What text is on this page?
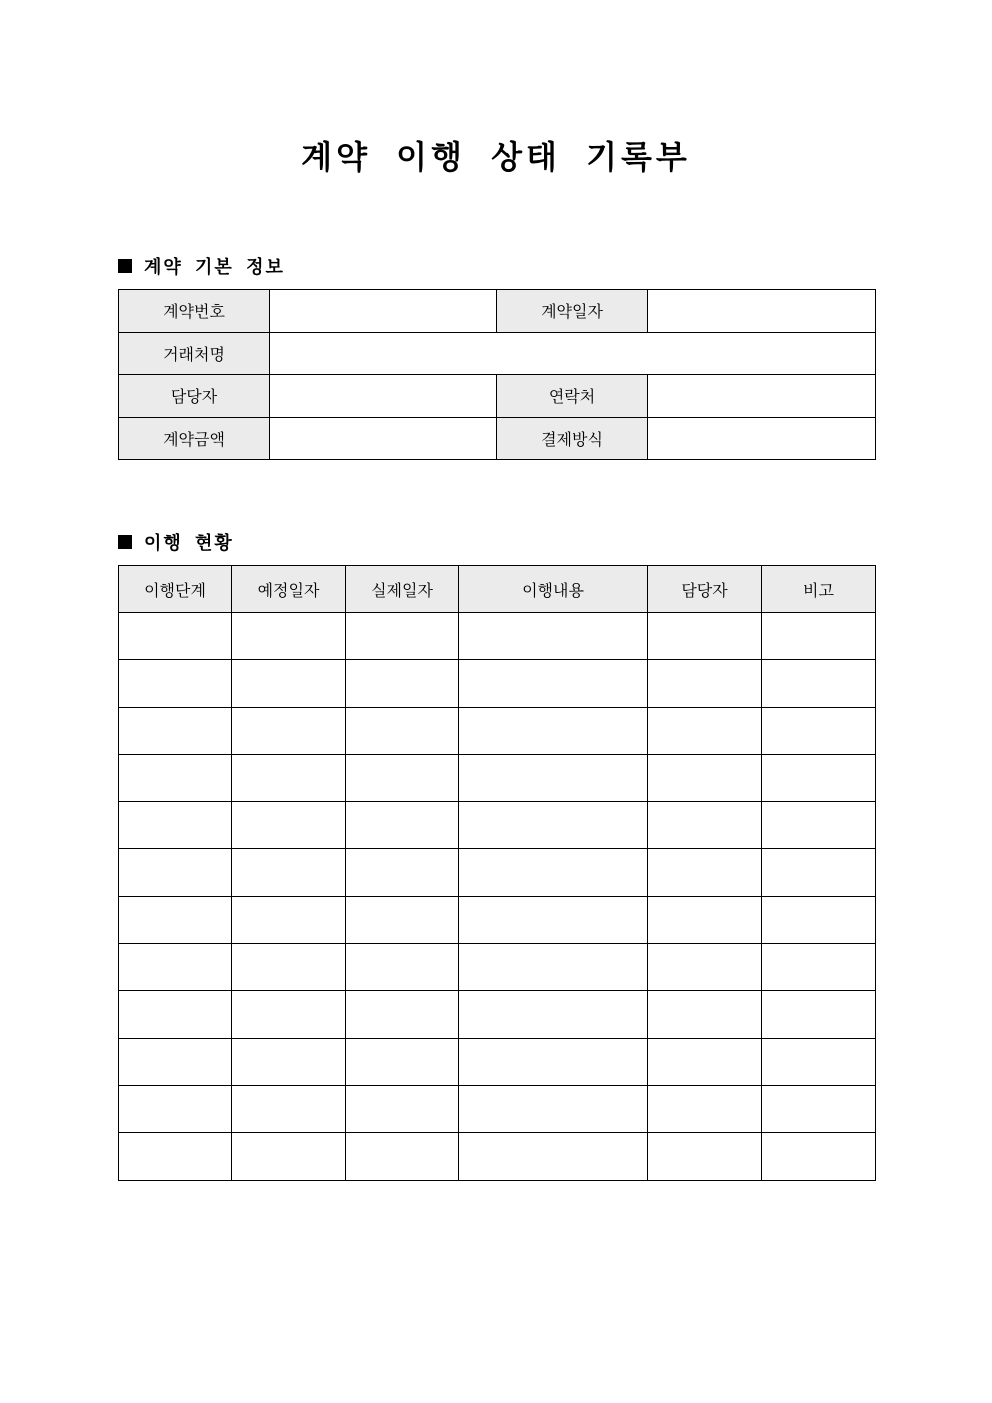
계약 이행 상태 기록부
계약 기본 정보
계약번호		계약일자	
거래처명			
담당자		연락처	
계약금액		결제방식	
이행 현황
이행단계	예정일자	실제일자	이행내용	담당자	비고
